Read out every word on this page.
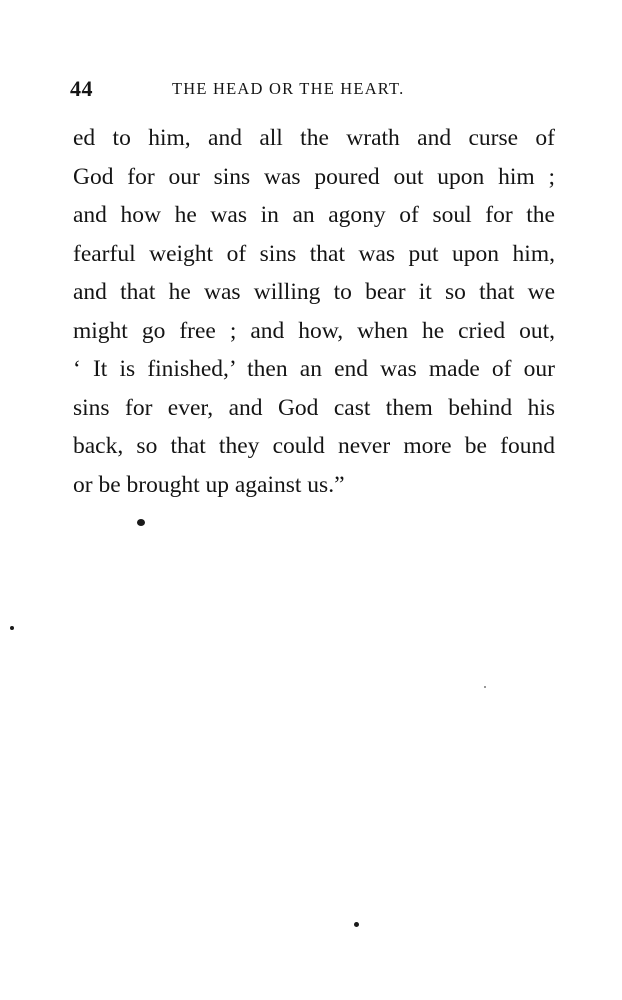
44	THE HEAD OR THE HEART.
ed to him, and all the wrath and curse of
God for our sins was poured out upon him ;
and how he was in an agony of soul for the
fearful weight of sins that was put upon him,
and that he was willing to bear it so that we
might go free ; and how, when he cried out,
‘ It is finished,’ then an end was made of our
sins for ever, and God cast them behind his
back, so that they could never more be found
or be brought up against us.”
